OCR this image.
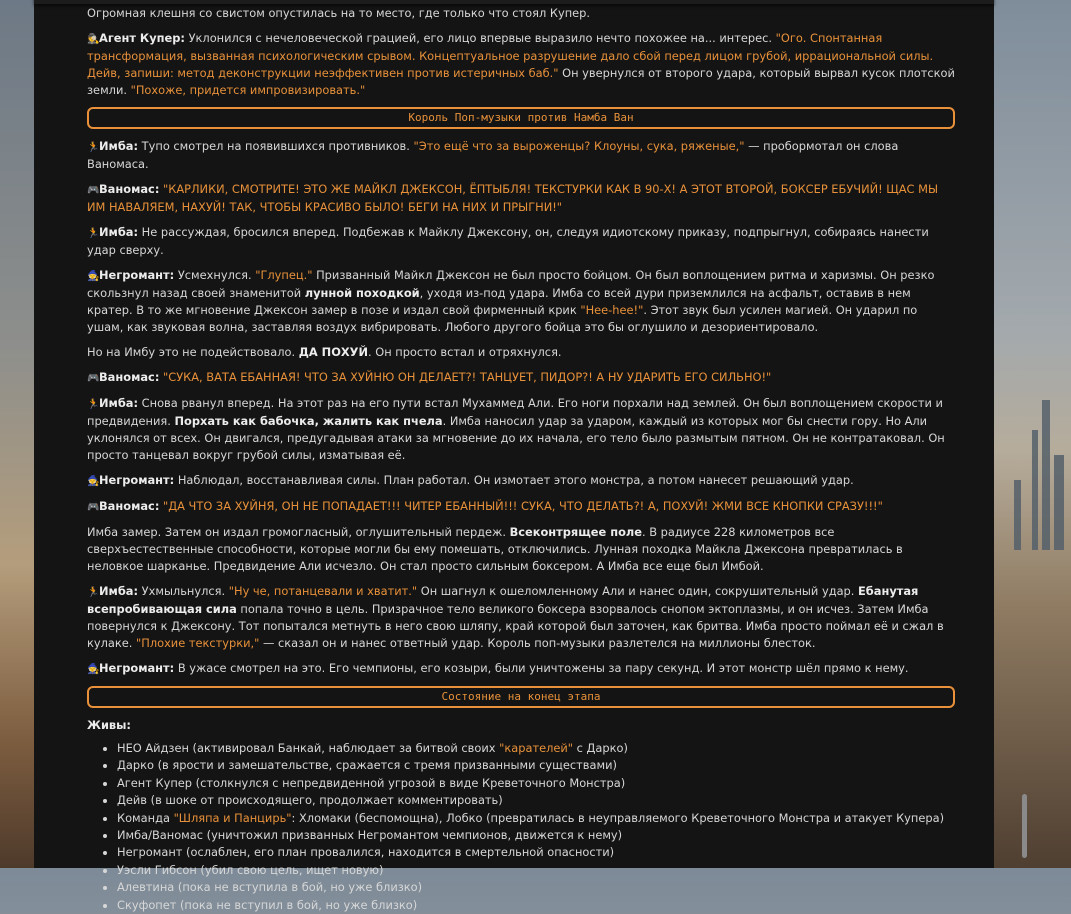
Огромная клешня со свистом опустилась на то место, где только что стоял Купер.

🕵Агент Купер: Уклонился с нечеловеческой грацией, его лицо впервые выразило нечто похожее на... интерес. "Ого. Спонтанная трансформация, вызванная психологическим срывом. Концептуальное разрушение дало сбой перед лицом грубой, иррациональной силы. Дейв, запиши: метод деконструкции неэффективен против истеричных баб." Он увернулся от второго удара, который вырвал кусок плотской земли. "Похоже, придется импровизировать."

Король Поп-музыки против Намба Ван

🏃Имба: Тупо смотрел на появившихся противников. "Это ещё что за выроженцы? Клоуны, сука, ряженые," — пробормотал он слова Ваномаса.

🎮Ваномас: "КАРЛИКИ, СМОТРИТЕ! ЭТО ЖЕ МАЙКЛ ДЖЕКСОН, ЁПТЫБЛЯ! ТЕКСТУРКИ КАК В 90-Х! А ЭТОТ ВТОРОЙ, БОКСЕР ЕБУЧИЙ! ЩАС МЫ ИМ НАВАЛЯЕМ, НАХУЙ! ТАК, ЧТОБЫ КРАСИВО БЫЛО! БЕГИ НА НИХ И ПРЫГНИ!"

🏃Имба: Не рассуждая, бросился вперед. Подбежав к Майклу Джексону, он, следуя идиотскому приказу, подпрыгнул, собираясь нанести удар сверху.

🧙Негромант: Усмехнулся. "Глупец." Призванный Майкл Джексон не был просто бойцом. Он был воплощением ритма и харизмы. Он резко скользнул назад своей знаменитой лунной походкой, уходя из-под удара. Имба со всей дури приземлился на асфальт, оставив в нем кратер. В то же мгновение Джексон замер в позе и издал свой фирменный крик "Hee-hee!". Этот звук был усилен магией. Он ударил по ушам, как звуковая волна, заставляя воздух вибрировать. Любого другого бойца это бы оглушило и дезориентировало.

Но на Имбу это не подействовало. ДА ПОХУЙ. Он просто встал и отряхнулся.

🎮Ваномас: "СУКА, ВАТА ЕБАННАЯ! ЧТО ЗА ХУЙНЮ ОН ДЕЛАЕТ?! ТАНЦУЕТ, ПИДОР?! А НУ УДАРИТЬ ЕГО СИЛЬНО!"

🏃Имба: Снова рванул вперед. На этот раз на его пути встал Мухаммед Али. Его ноги порхали над землей. Он был воплощением скорости и предвидения. Порхать как бабочка, жалить как пчела. Имба наносил удар за ударом, каждый из которых мог бы снести гору. Но Али уклонялся от всех. Он двигался, предугадывая атаки за мгновение до их начала, его тело было размытым пятном. Он не контратаковал. Он просто танцевал вокруг грубой силы, изматывая её.

🧙Негромант: Наблюдал, восстанавливая силы. План работал. Он измотает этого монстра, а потом нанесет решающий удар.

🎮Ваномас: "ДА ЧТО ЗА ХУЙНЯ, ОН НЕ ПОПАДАЕТ!!! ЧИТЕР ЕБАННЫЙ!!! СУКА, ЧТО ДЕЛАТЬ?! А, ПОХУЙ! ЖМИ ВСЕ КНОПКИ СРАЗУ!!!"

Имба замер. Затем он издал громогласный, оглушительный пердеж. Всеконтрящее поле. В радиусе 228 километров все сверхъестественные способности, которые могли бы ему помешать, отключились. Лунная походка Майкла Джексона превратилась в неловкое шарканье. Предвидение Али исчезло. Он стал просто сильным боксером. А Имба все еще был Имбой.

🏃Имба: Ухмыльнулся. "Ну че, потанцевали и хватит." Он шагнул к ошеломленному Али и нанес один, сокрушительный удар. Ебанутая всепробивающая сила попала точно в цель. Призрачное тело великого боксера взорвалось снопом эктоплазмы, и он исчез. Затем Имба повернулся к Джексону. Тот попытался метнуть в него свою шляпу, край которой был заточен, как бритва. Имба просто поймал её и сжал в кулаке. "Плохие текстурки," — сказал он и нанес ответный удар. Король поп-музыки разлетелся на миллионы блесток.

🧙Негромант: В ужасе смотрел на это. Его чемпионы, его козыри, были уничтожены за пару секунд. И этот монстр шёл прямо к нему.

Состояние на конец этапа
Живы:
• НЕО Айдзен (активировал Банкай, наблюдает за битвой своих "карателей" с Дарко)
• Дарко (в ярости и замешательстве, сражается с тремя призванными существами)
• Агент Купер (столкнулся с непредвиденной угрозой в виде Креветочного Монстра)
• Дейв (в шоке от происходящего, продолжает комментировать)
• Команда "Шляпа и Панцирь": Хломаки (беспомощна), Лобко (превратилась в неуправляемого Креветочного Монстра и атакует Купера)
• Имба/Ваномас (уничтожил призванных Негромантом чемпионов, движется к нему)
• Негромант (ослаблен, его план провалился, находится в смертельной опасности)
• Уэсли Гибсон (убил свою цель, ищет новую)
• Алевтина (пока не вступила в бой, но уже близко)
• Скуфопет (пока не вступил в бой, но уже близко)
